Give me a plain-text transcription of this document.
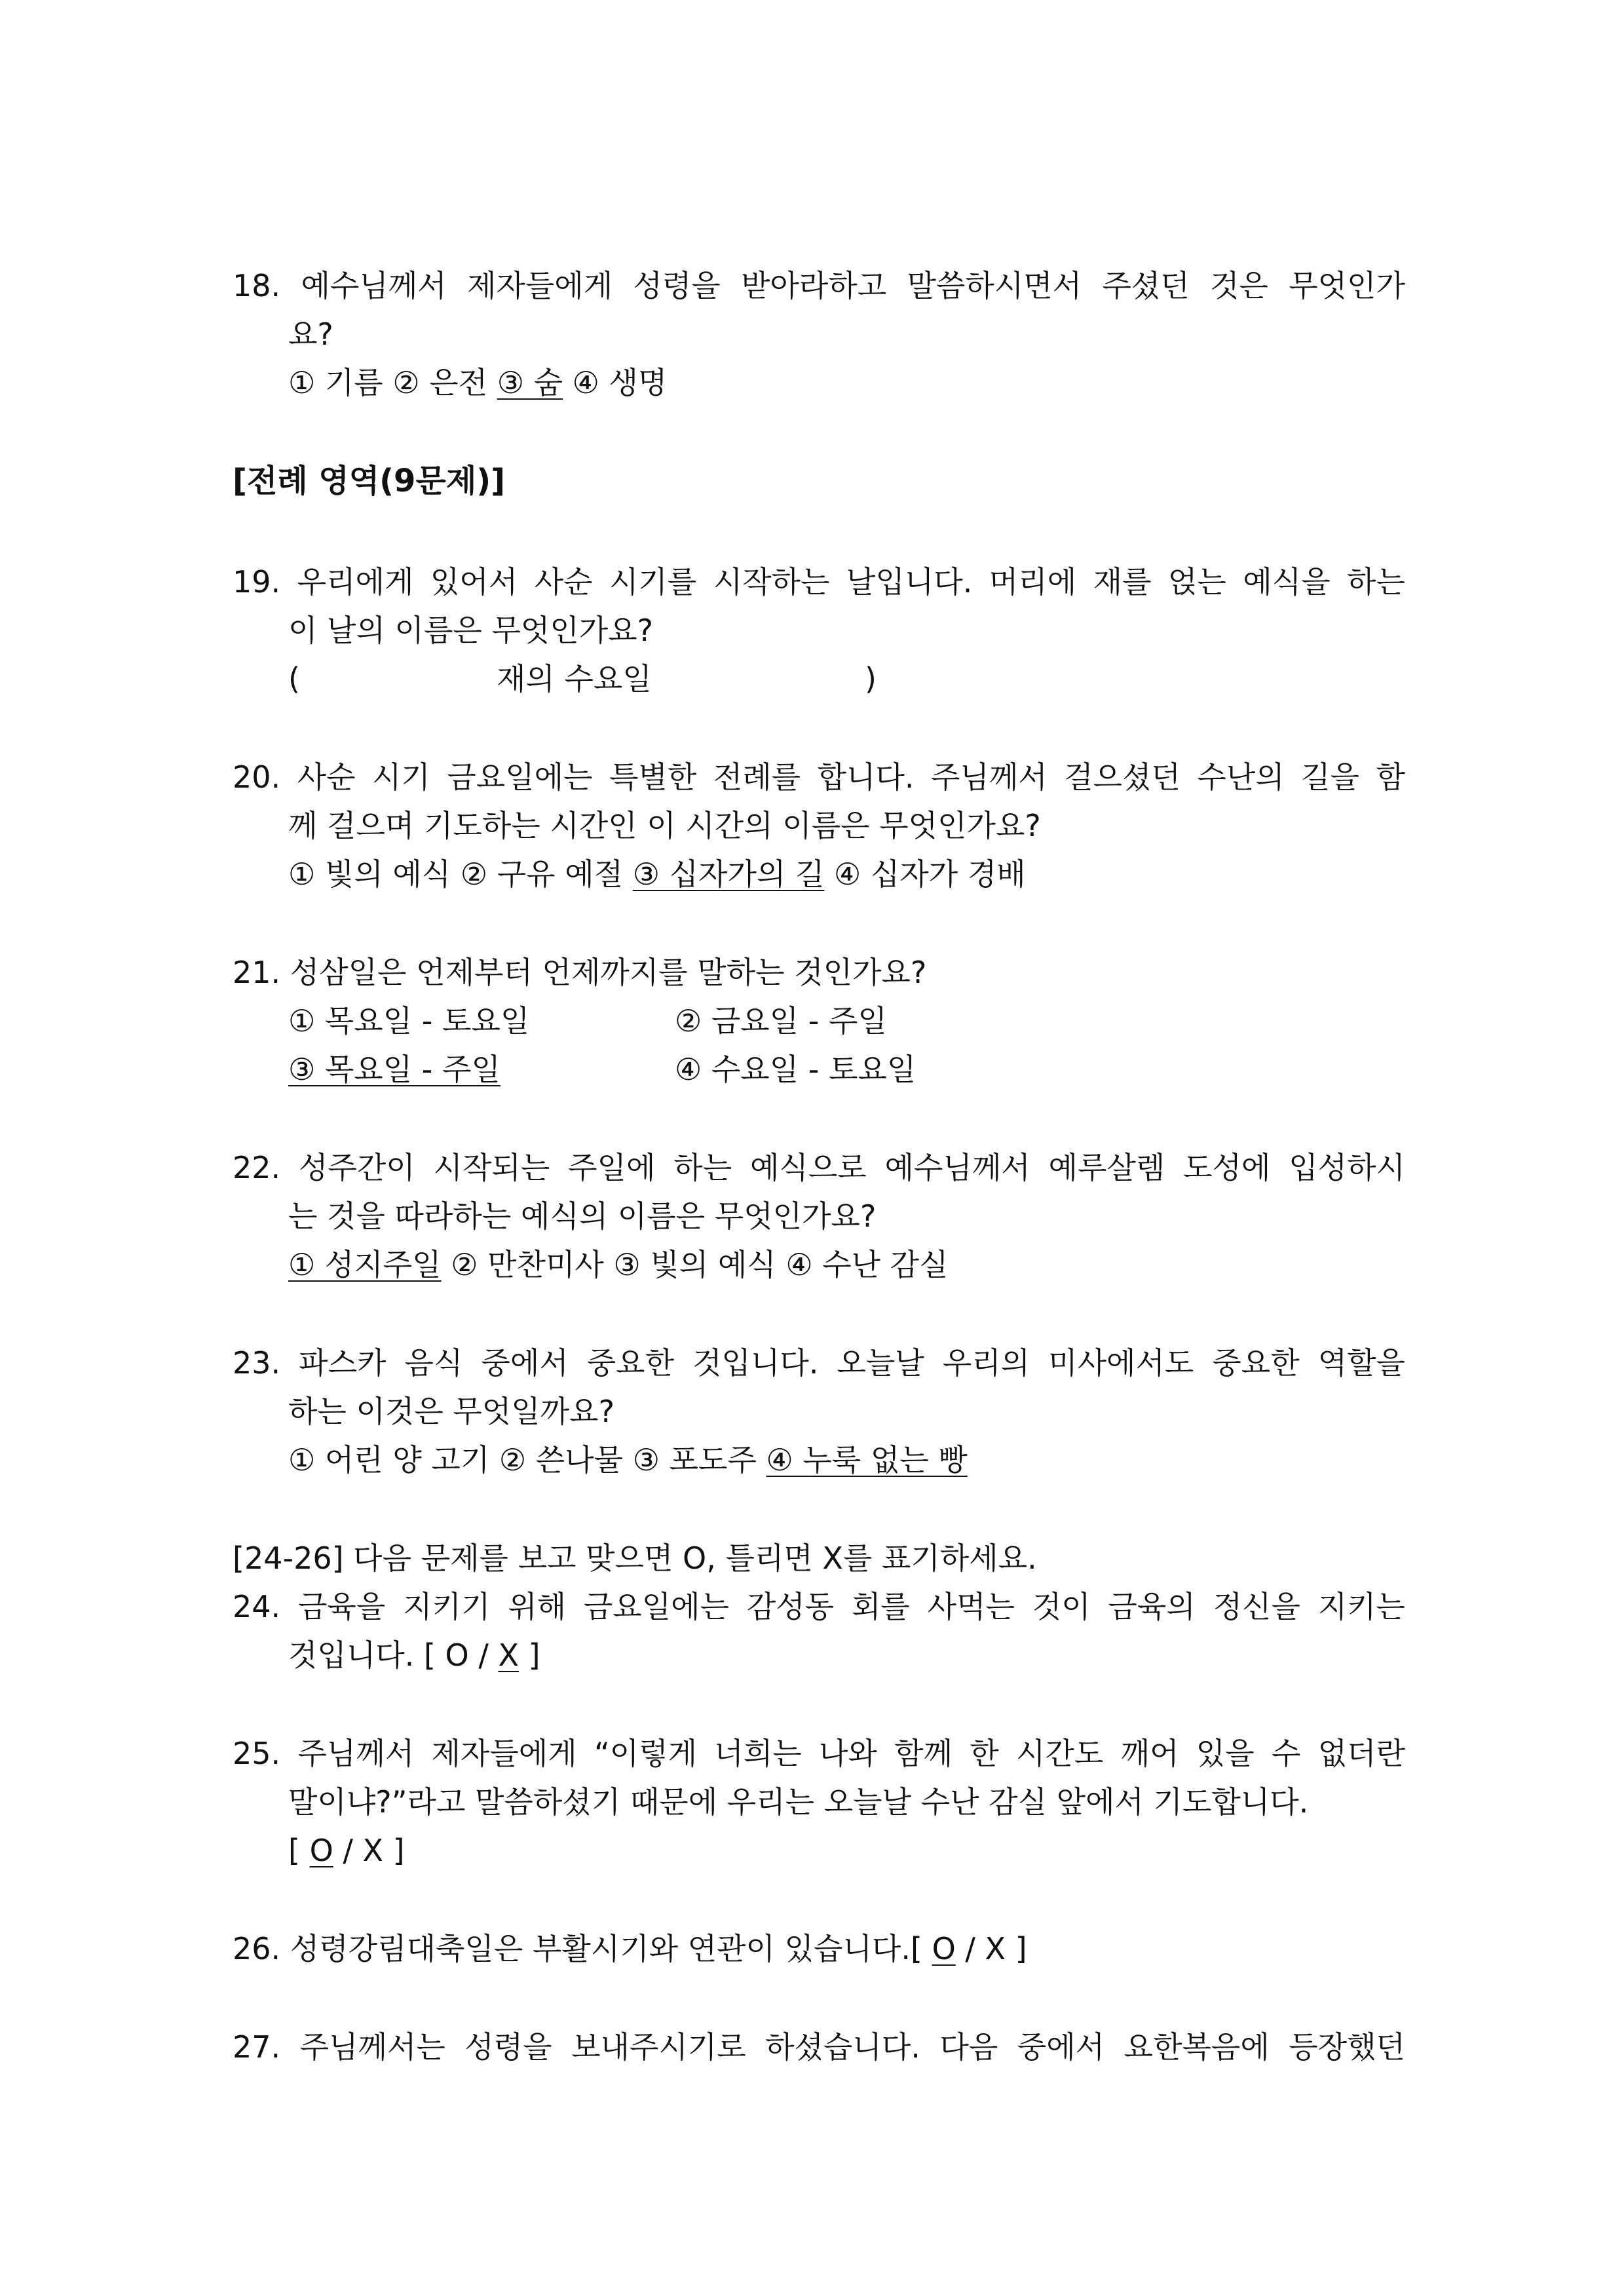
18. 예수님께서 제자들에게 성령을 받아라하고 말씀하시면서 주셨던 것은 무엇인가
요?
① 기름 ② 은전 ③ 숨 ④ 생명
[전례 영역(9문제)]
19. 우리에게 있어서 사순 시기를 시작하는 날입니다. 머리에 재를 얹는 예식을 하는
이 날의 이름은 무엇인가요?
(	재의 수요일	)
20. 사순 시기 금요일에는 특별한 전례를 합니다. 주님께서 걸으셨던 수난의 길을 함
께 걸으며 기도하는 시간인 이 시간의 이름은 무엇인가요?
① 빛의 예식 ② 구유 예절 ③ 십자가의 길 ④ 십자가 경배
21. 성삼일은 언제부터 언제까지를 말하는 것인가요?
① 목요일 - 토요일	② 금요일 - 주일
③ 목요일 - 주일	④ 수요일 - 토요일
22. 성주간이 시작되는 주일에 하는 예식으로 예수님께서 예루살렘 도성에 입성하시
는 것을 따라하는 예식의 이름은 무엇인가요?
① 성지주일 ② 만찬미사 ③ 빛의 예식 ④ 수난 감실
23. 파스카 음식 중에서 중요한 것입니다. 오늘날 우리의 미사에서도 중요한 역할을
하는 이것은 무엇일까요?
① 어린 양 고기 ② 쓴나물 ③ 포도주 ④ 누룩 없는 빵
[24-26] 다음 문제를 보고 맞으면 O, 틀리면 X를 표기하세요.
24. 금육을 지키기 위해 금요일에는 감성동 회를 사먹는 것이 금육의 정신을 지키는
것입니다. [ O / X ]
25. 주님께서 제자들에게 “이렇게 너희는 나와 함께 한 시간도 깨어 있을 수 없더란
말이냐?”라고 말씀하셨기 때문에 우리는 오늘날 수난 감실 앞에서 기도합니다.
[ O / X ]
26. 성령강림대축일은 부활시기와 연관이 있습니다.[ O / X ]
27. 주님께서는 성령을 보내주시기로 하셨습니다. 다음 중에서 요한복음에 등장했던
